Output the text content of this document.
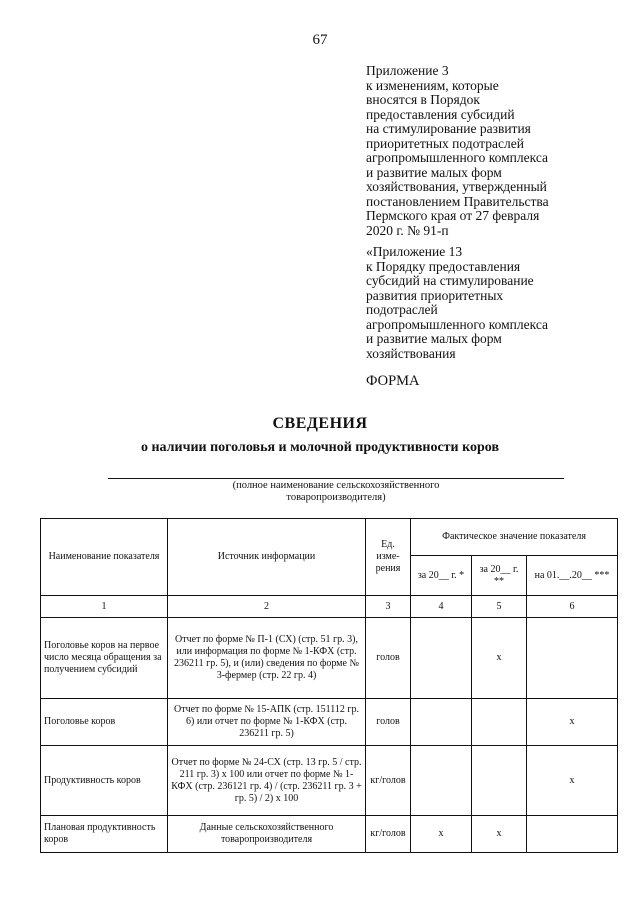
67
Приложение 3
к изменениям, которые
вносятся в Порядок
предоставления субсидий
на стимулирование развития
приоритетных подотраслей
агропромышленного комплекса
и развитие малых форм
хозяйствования, утвержденный
постановлением Правительства
Пермского края от 27 февраля
2020 г. № 91-п
«Приложение 13
к Порядку предоставления
субсидий на стимулирование
развития приоритетных
подотраслей
агропромышленного комплекса
и развитие малых форм
хозяйствования
ФОРМА
СВЕДЕНИЯ
о наличии поголовья и молочной продуктивности коров
(полное наименование сельскохозяйственного
товаропроизводителя)
Наименование показателя	Источник информации	Ед. изме- рения	Фактическое значение показателя		
			за 20__ г. *	за 20__ г. **	на 01.__.20__ ***
1	2	3	4	5	6
Поголовье коров на первое число месяца обращения за получением субсидий	Отчет по форме № П-1 (СХ) (стр. 51 гр. 3), или информация по форме № 1-КФХ (стр. 236211 гр. 5), и (или) сведения по форме № 3-фермер (стр. 22 гр. 4)	голов		x	
Поголовье коров	Отчет по форме № 15-АПК (стр. 151112 гр. 6) или отчет по форме № 1-КФХ (стр. 236211 гр. 5)	голов			x
Продуктивность коров	Отчет по форме № 24-СХ (стр. 13 гр. 5 / стр. 211 гр. 3) x 100 или отчет по форме № 1-КФХ (стр. 236121 гр. 4) / (стр. 236211 гр. 3 + гр. 5) / 2) x 100	кг/голов			x
Плановая продуктивность коров	Данные сельскохозяйственного товаропроизводителя	кг/голов	x	x	
